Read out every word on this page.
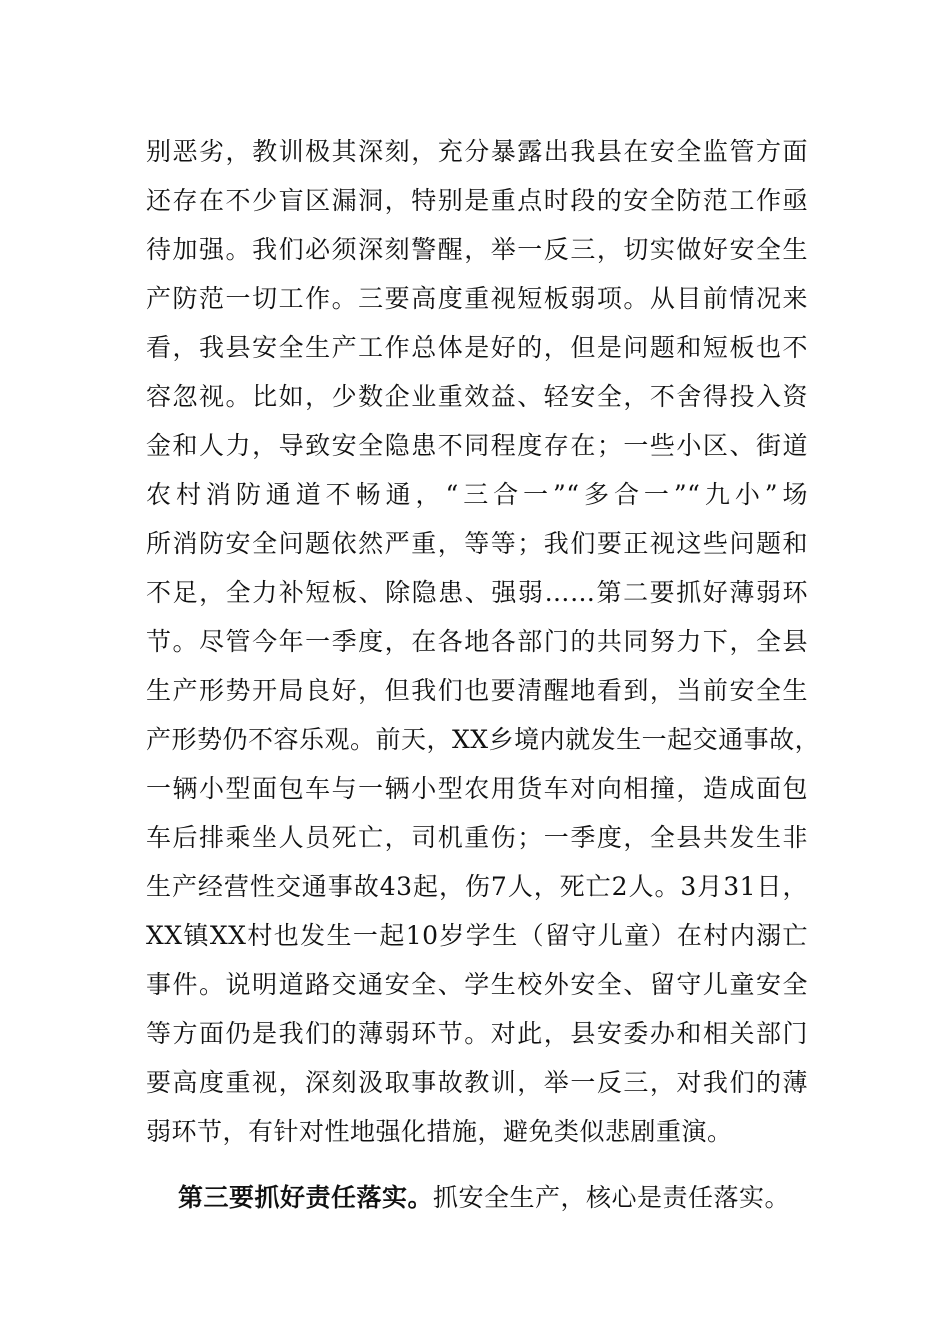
别恶劣，教训极其深刻，充分暴露出我县在安全监管方面
还存在不少盲区漏洞，特别是重点时段的安全防范工作亟
待加强。我们必须深刻警醒，举一反三，切实做好安全生
产防范一切工作。三要高度重视短板弱项。从目前情况来
看，我县安全生产工作总体是好的，但是问题和短板也不
容忽视。比如，少数企业重效益、轻安全，不舍得投入资
金和人力，导致安全隐患不同程度存在；一些小区、街道
农村消防通道不畅通，“三合一”“多合一”“九小”场
所消防安全问题依然严重，等等；我们要正视这些问题和
不足，全力补短板、除隐患、强弱……第二要抓好薄弱环
节。尽管今年一季度，在各地各部门的共同努力下，全县
生产形势开局良好，但我们也要清醒地看到，当前安全生
产形势仍不容乐观。前天，XX乡境内就发生一起交通事故，
一辆小型面包车与一辆小型农用货车对向相撞，造成面包
车后排乘坐人员死亡，司机重伤；一季度，全县共发生非
生产经营性交通事故43起，伤7人，死亡2人。3月31日，
XX镇XX村也发生一起10岁学生（留守儿童）在村内溺亡
事件。说明道路交通安全、学生校外安全、留守儿童安全
等方面仍是我们的薄弱环节。对此，县安委办和相关部门
要高度重视，深刻汲取事故教训，举一反三，对我们的薄
弱环节，有针对性地强化措施，避免类似悲剧重演。
第三要抓好责任落实。抓安全生产，核心是责任落实。
